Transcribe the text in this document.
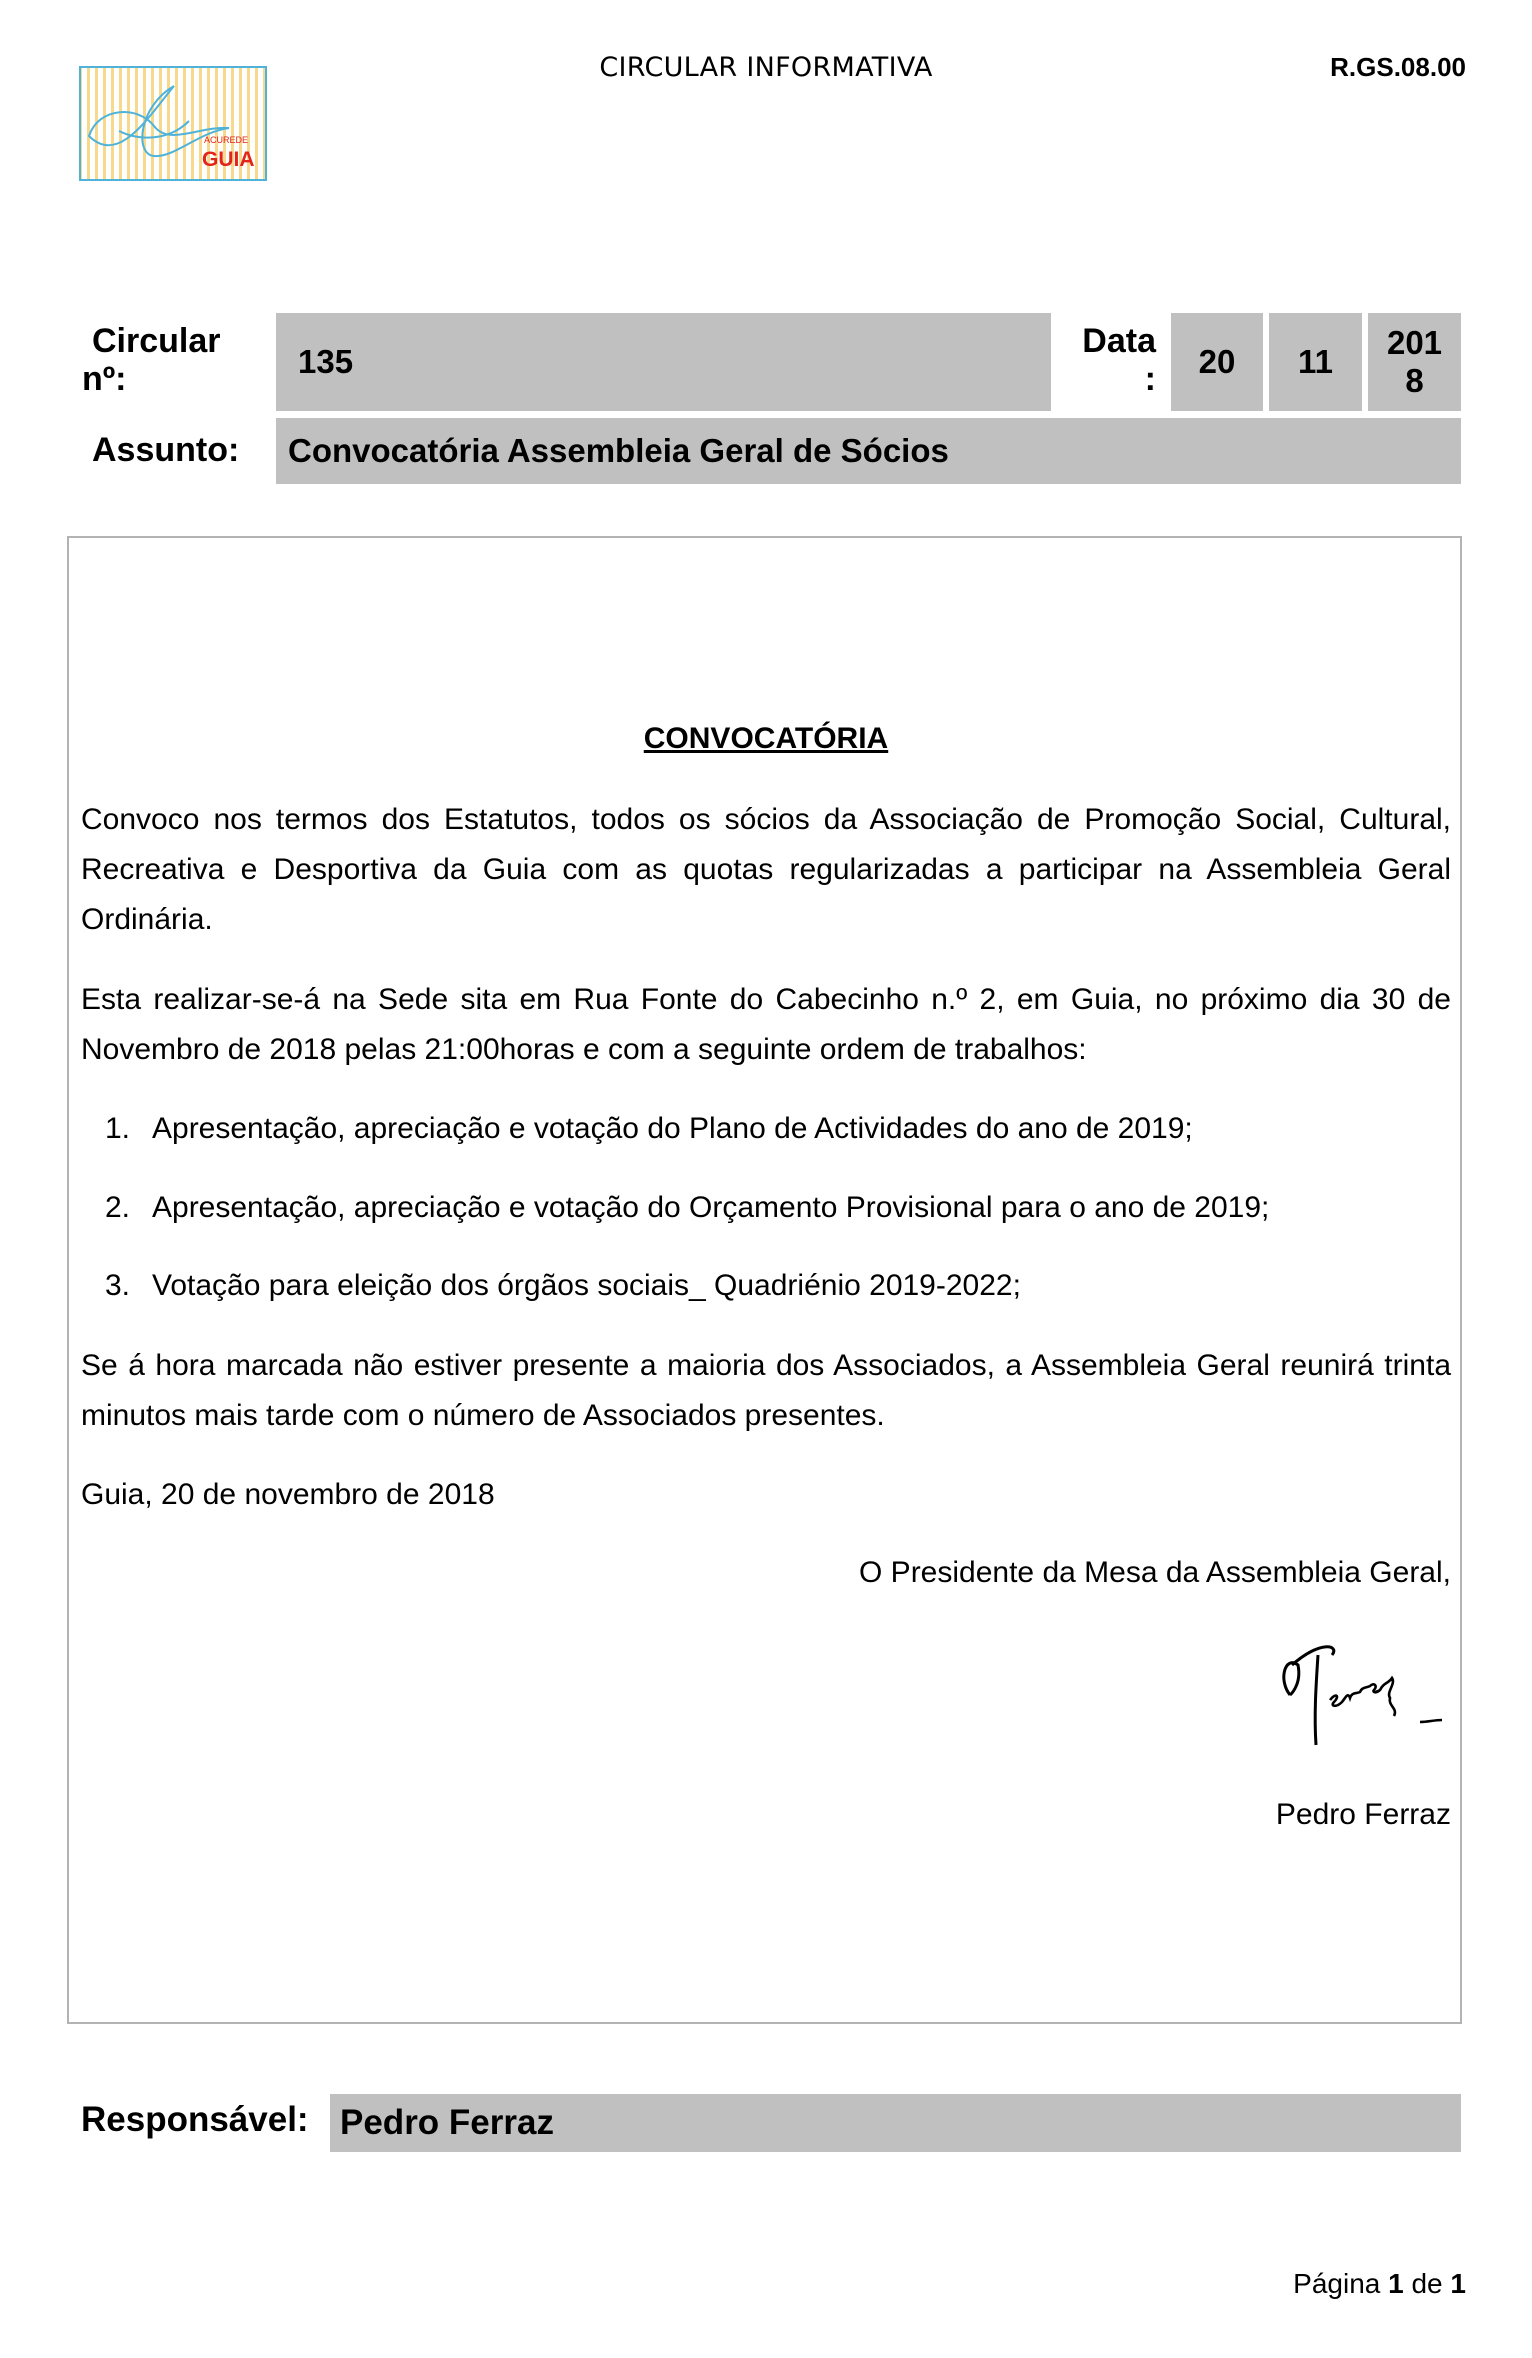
ACUREDE
GUIA
CIRCULAR INFORMATIVA	R.GS.08.00
Circular
nº:	135
Data
: 20 11
201
8
Assunto: Convocatória Assembleia Geral de Sócios
CONVOCATÓRIA

Convoco nos termos dos Estatutos, todos os sócios da Associação de Promoção Social, Cultural, Recreativa e Desportiva da Guia com as quotas regularizadas a participar na Assembleia Geral Ordinária.

Esta realizar-se-á na Sede sita em Rua Fonte do Cabecinho n.º 2, em Guia, no próximo dia 30 de Novembro de 2018 pelas 21:00horas e com a seguinte ordem de trabalhos:

1. Apresentação, apreciação e votação do Plano de Actividades do ano de 2019;
2. Apresentação, apreciação e votação do Orçamento Provisional para o ano de 2019;
3. Votação para eleição dos órgãos sociais_ Quadriénio 2019-2022;

Se á hora marcada não estiver presente a maioria dos Associados, a Assembleia Geral reunirá trinta minutos mais tarde com o número de Associados presentes.

Guia, 20 de novembro de 2018
O Presidente da Mesa da Assembleia Geral,
Pedro Ferraz
Responsável: Pedro Ferraz
Página 1 de 1
